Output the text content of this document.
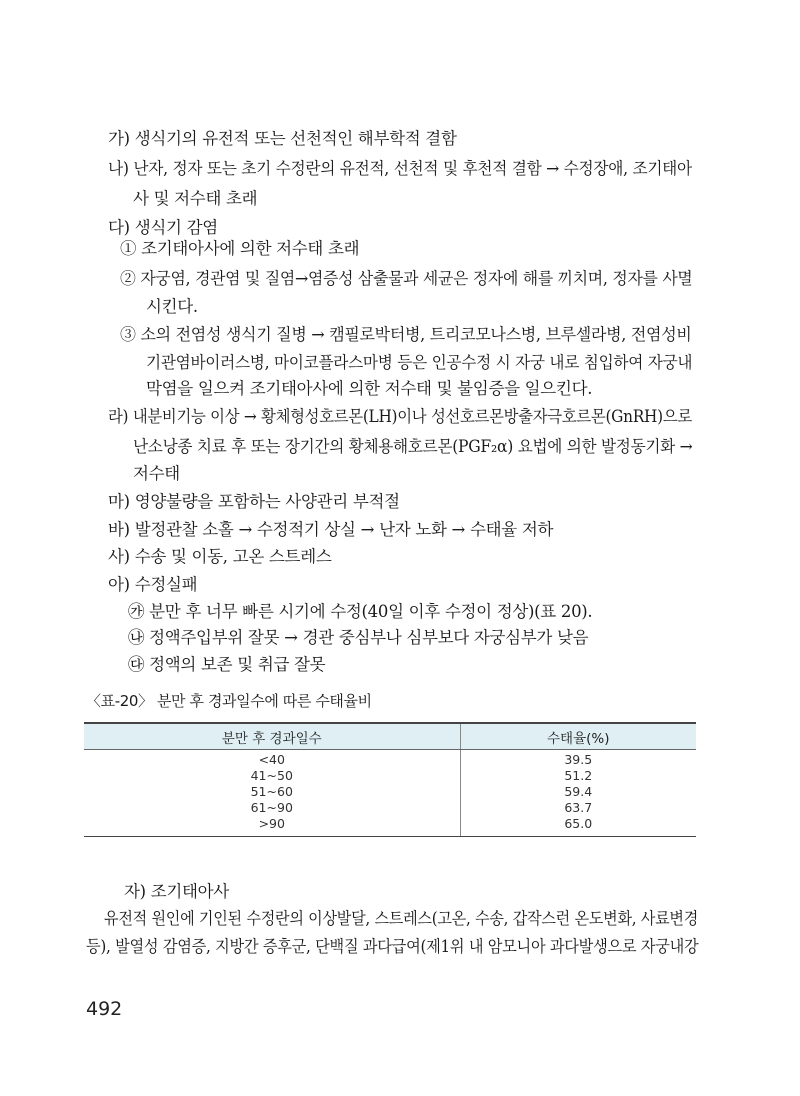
가) 생식기의 유전적 또는 선천적인 해부학적 결함
나) 난자, 정자 또는 초기 수정란의 유전적, 선천적 및 후천적 결함 → 수정장애, 조기태아
사 및 저수태 초래
다) 생식기 감염
① 조기태아사에 의한 저수태 초래
② 자궁염, 경관염 및 질염→염증성 삼출물과 세균은 정자에 해를 끼치며, 정자를 사멸
시킨다.
③ 소의 전염성 생식기 질병 → 캠필로박터병, 트리코모나스병, 브루셀라병, 전염성비
기관염바이러스병, 마이코플라스마병 등은 인공수정 시 자궁 내로 침입하여 자궁내
막염을 일으켜 조기태아사에 의한 저수태 및 불임증을 일으킨다.
라) 내분비기능 이상 → 황체형성호르몬(LH)이나 성선호르몬방출자극호르몬(GnRH)으로
난소낭종 치료 후 또는 장기간의 황체용해호르몬(PGF₂α) 요법에 의한 발정동기화 →
저수태
마) 영양불량을 포함하는 사양관리 부적절
바) 발정관찰 소홀 → 수정적기 상실 → 난자 노화 → 수태율 저하
사) 수송 및 이동, 고온 스트레스
아) 수정실패
㉮ 분만 후 너무 빠른 시기에 수정(40일 이후 수정이 정상)(표 20).
㉯ 정액주입부위 잘못 → 경관 중심부나 심부보다 자궁심부가 낮음
㉰ 정액의 보존 및 취급 잘못
〈표-20〉 분만 후 경과일수에 따른 수태율비
분만 후 경과일수	수태율(%)
<40	39.5
41~50	51.2
51~60	59.4
61~90	63.7
>90	65.0
자) 조기태아사
유전적 원인에 기인된 수정란의 이상발달, 스트레스(고온, 수송, 갑작스런 온도변화, 사료변경
등), 발열성 감염증, 지방간 증후군, 단백질 과다급여(제1위 내 암모니아 과다발생으로 자궁내강
492
